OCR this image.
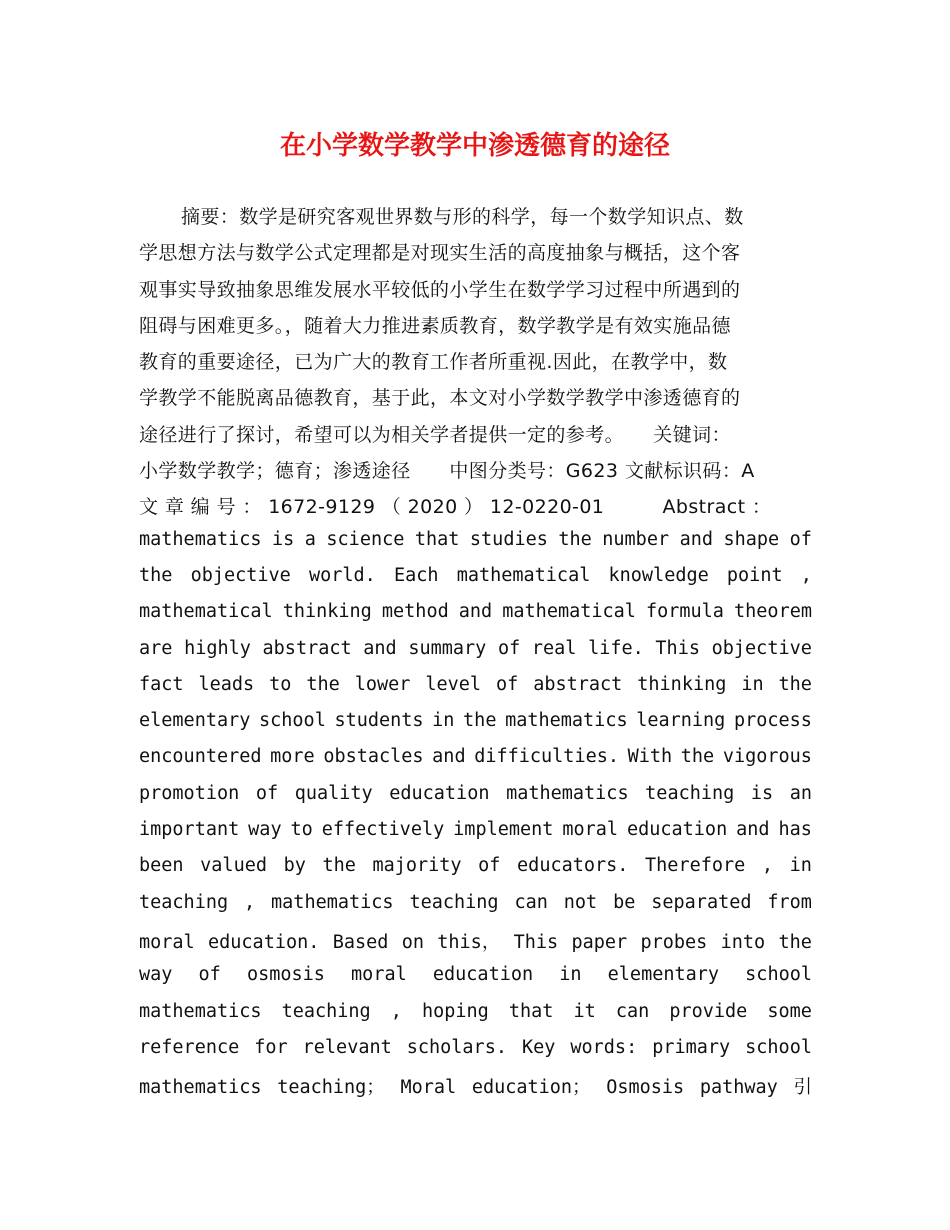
在小学数学教学中渗透德育的途径
摘要：数学是研究客观世界数与形的科学，每一个数学知识点、数
学思想方法与数学公式定理都是对现实生活的高度抽象与概括，这个客
观事实导致抽象思维发展水平较低的小学生在数学学习过程中所遇到的
阻碍与困难更多。，随着大力推进素质教育，数学教学是有效实施品德
教育的重要途径，已为广大的教育工作者所重视.因此，在教学中，数
学教学不能脱离品德教育，基于此，本文对小学数学教学中渗透德育的
途径进行了探讨，希望可以为相关学者提供一定的参考。　　关键词：
小学数学教学；德育；渗透途径　　中图分类号：G623 文献标识码：A
文 章 编 号 ： 1672-9129 （ 2020 ） 12-0220-01　　　Abstract ：
mathematics is a science that studies the number and shape of
the objective world. Each mathematical knowledge point ,
mathematical thinking method and mathematical formula theorem
are highly abstract and summary of real life. This objective
fact leads to the lower level of abstract thinking in the
elementary school students in the mathematics learning process
encountered more obstacles and difficulties. With the vigorous
promotion of quality education mathematics teaching is an
important way to effectively implement moral education and has
been valued by the majority of educators. Therefore , in
teaching , mathematics teaching can not be separated from
moral education. Based on this， This paper probes into the
way of osmosis moral education in elementary school
mathematics teaching , hoping that it can provide some
reference for relevant scholars. Key words: primary school
mathematics teaching； Moral education； Osmosis pathway 引
